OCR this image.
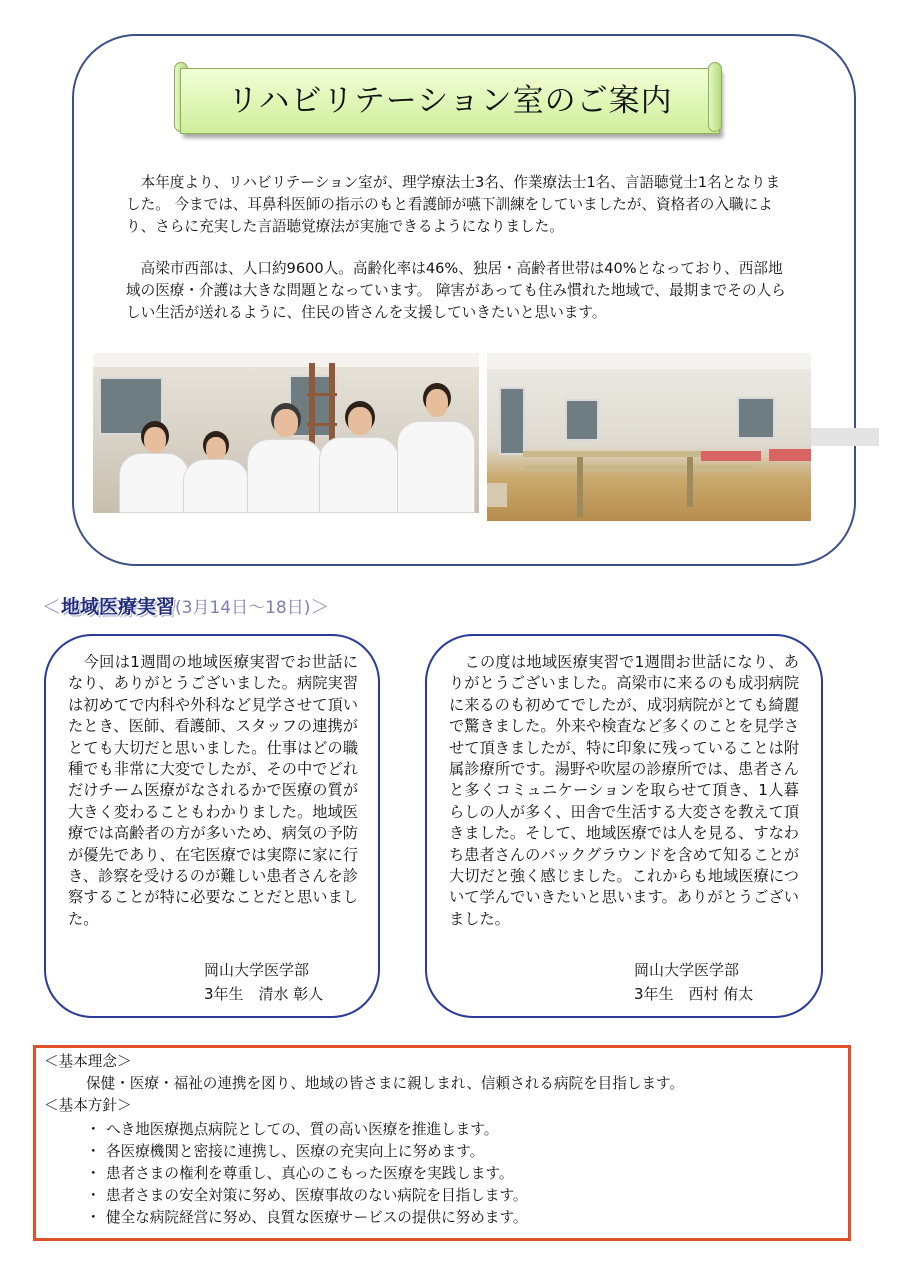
リハビリテーション室のご案内
　本年度より、リハビリテーション室が、理学療法士3名、作業療法士1名、言語聴覚士1名となりました。 今までは、耳鼻科医師の指示のもと看護師が嚥下訓練をしていましたが、資格者の入職により、さらに充実した言語聴覚療法が実施できるようになりました。
　高梁市西部は、人口約9600人。高齢化率は46%、独居・高齢者世帯は40%となっており、西部地域の医療・介護は大きな問題となっています。 障害があっても住み慣れた地域で、最期までその人らしい生活が送れるように、住民の皆さんを支援していきたいと思います。
＜地域医療実習(3月14日～18日)＞
　今回は1週間の地域医療実習でお世話になり、ありがとうございました。病院実習は初めてで内科や外科など見学させて頂いたとき、医師、看護師、スタッフの連携がとても大切だと思いました。仕事はどの職種でも非常に大変でしたが、その中でどれだけチーム医療がなされるかで医療の質が大きく変わることもわかりました。地域医療では高齢者の方が多いため、病気の予防が優先であり、在宅医療では実際に家に行き、診察を受けるのが難しい患者さんを診察することが特に必要なことだと思いました。
岡山大学医学部
3年生　清水 彰人
　この度は地域医療実習で1週間お世話になり、ありがとうございました。高梁市に来るのも成羽病院に来るのも初めてでしたが、成羽病院がとても綺麗で驚きました。外来や検査など多くのことを見学させて頂きましたが、特に印象に残っていることは附属診療所です。湯野や吹屋の診療所では、患者さんと多くコミュニケーションを取らせて頂き、1人暮らしの人が多く、田舎で生活する大変さを教えて頂きました。そして、地域医療では人を見る、すなわち患者さんのバックグラウンドを含めて知ることが大切だと強く感じました。これからも地域医療について学んでいきたいと思います。ありがとうございました。
岡山大学医学部
3年生　西村 侑太
＜基本理念＞
保健・医療・福祉の連携を図り、地域の皆さまに親しまれ、信頼される病院を目指します。
＜基本方針＞
・ へき地医療拠点病院としての、質の高い医療を推進します。
・ 各医療機関と密接に連携し、医療の充実向上に努めます。
・ 患者さまの権利を尊重し、真心のこもった医療を実践します。
・ 患者さまの安全対策に努め、医療事故のない病院を目指します。
・ 健全な病院経営に努め、良質な医療サービスの提供に努めます。
